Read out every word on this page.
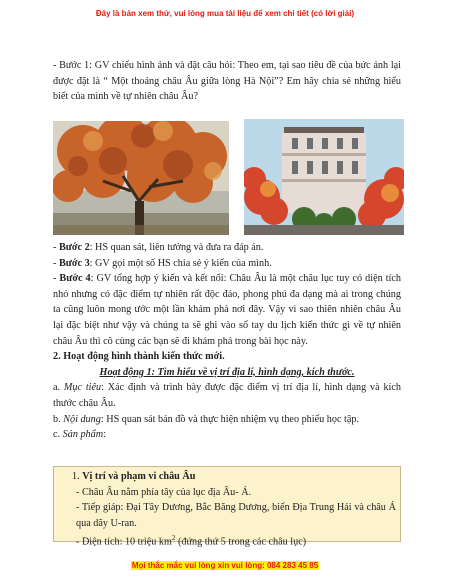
Đây là bản xem thử, vui lòng mua tài liệu để xem chi tiết (có lời giải)
- Bước 1: GV chiếu hình ảnh và đặt câu hỏi: Theo em, tại sao tiêu đề của bức ảnh lại được đặt là “ Một thoáng châu Âu giữa lòng Hà Nội”? Em hãy chia sẻ những hiểu biết của mình về tự nhiên châu Âu?

- Bước 2: HS quan sát, liên tưởng và đưa ra đáp án.

- Bước 3: GV gọi một số HS chia sẻ ý kiến của mình.

- Bước 4: GV tổng hợp ý kiến và kết nối: Châu Âu là một châu lục tuy có diện tích nhỏ nhưng có đặc điểm tự nhiên rất độc đáo, phong phú đa dạng mà ai trong chúng ta cũng luôn mong ước một lần khám phá nơi đây. Vậy vì sao thiên nhiên châu Âu lại đặc biệt như vậy và chúng ta sẽ ghi vào sổ tay du lịch kiến thức gì về tự nhiên châu Âu thì cô cùng các bạn sẽ đi khám phá trong bài học này.

2. Hoạt động hình thành kiến thức mới.

Hoạt động 1: Tìm hiểu về vị trí địa lí, hình dạng, kích thước.

a. Mục tiêu: Xác định và trình bày được đặc điểm vị trí địa lí, hình dạng và kích thước châu Âu.

b. Nội dung: HS quan sát bản đồ và thực hiện nhiệm vụ theo phiếu học tập.

c. Sản phẩm:

1. Vị trí và phạm vi châu Âu

- Châu Âu nằm phía tây của lục địa Âu- Á.

- Tiếp giáp: Đại Tây Dương, Bắc Băng Dương, biển Địa Trung Hải và châu Á qua dãy U-ran.

- Diện tích: 10 triệu $km^2$ (đứng thứ 5 trong các châu lục)

Mọi thắc mắc vui lòng xin vui lòng: 084 283 45 85
